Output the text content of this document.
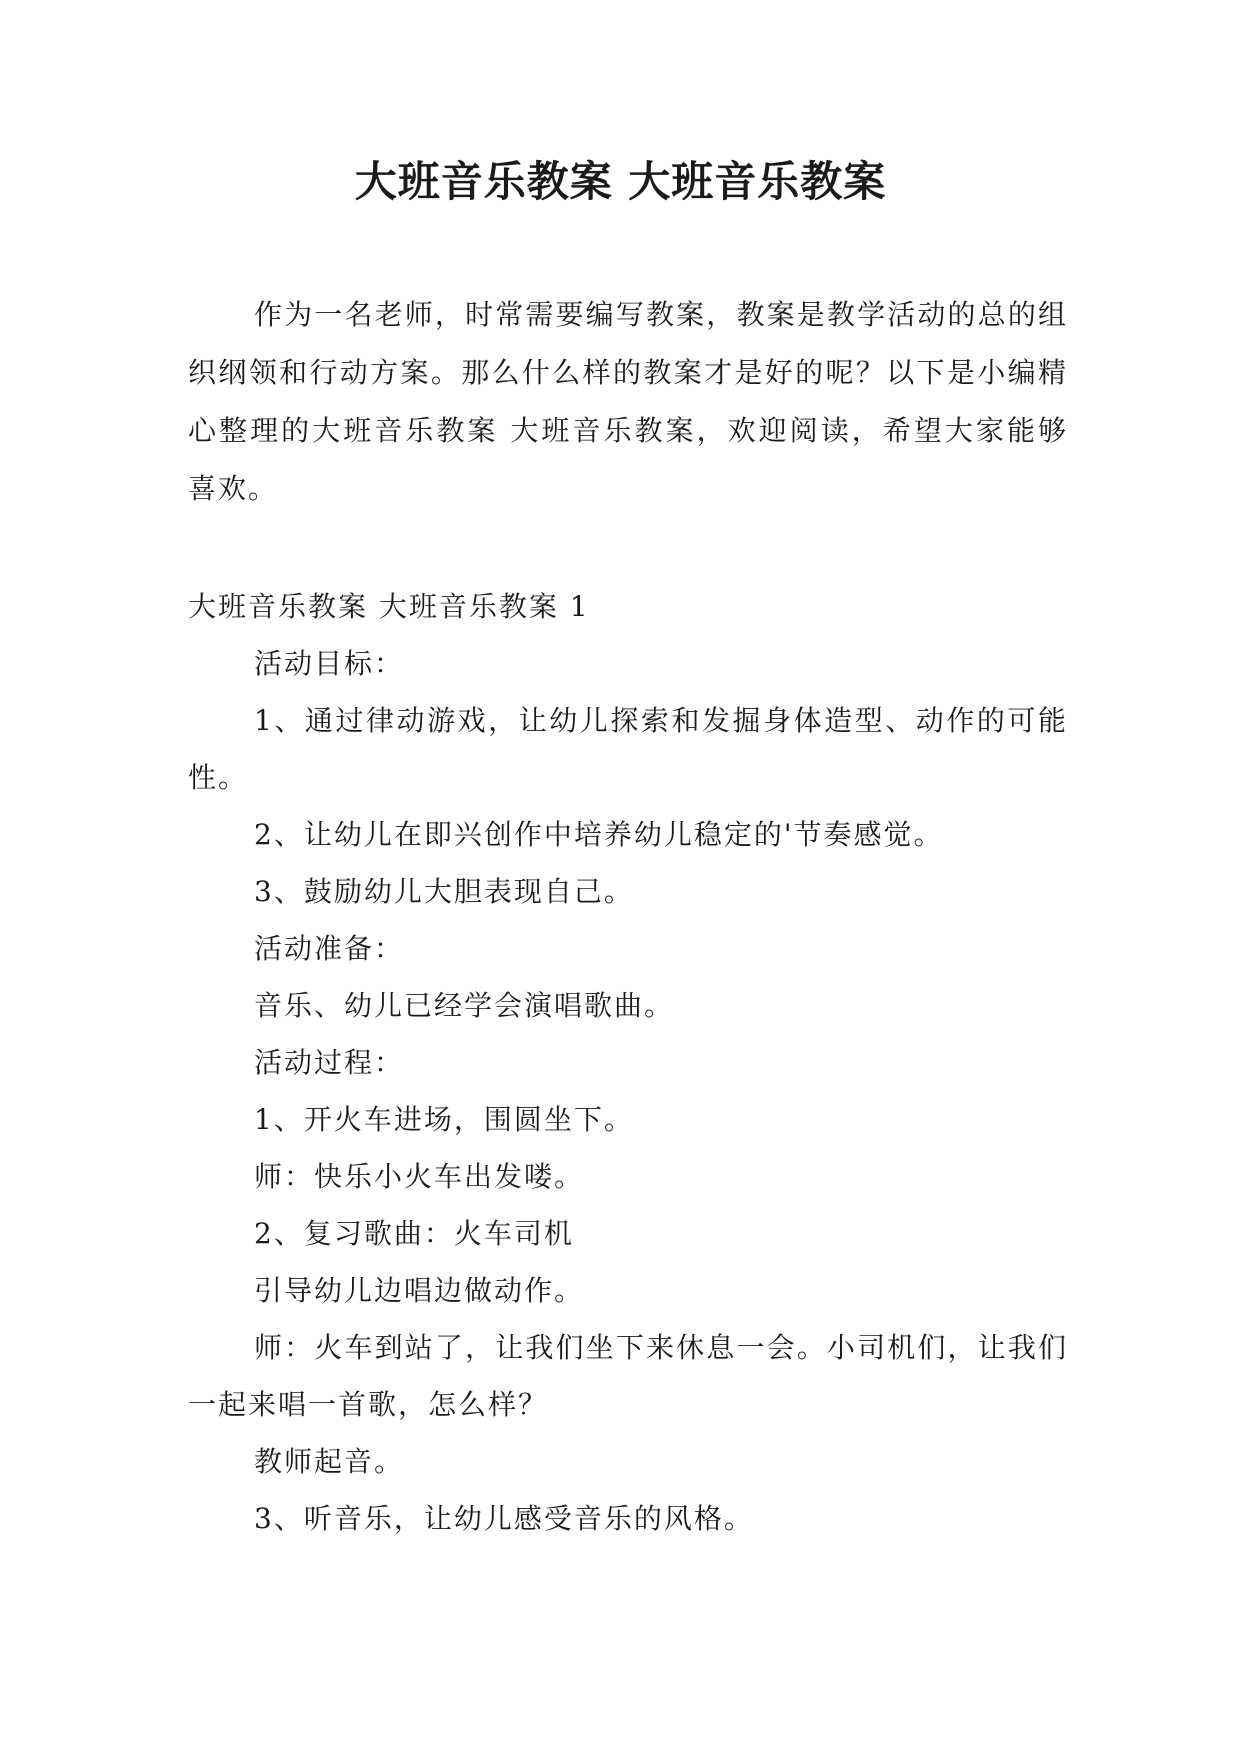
大班音乐教案 大班音乐教案

作为一名老师，时常需要编写教案，教案是教学活动的总的组织纲领和行动方案。那么什么样的教案才是好的呢？以下是小编精心整理的大班音乐教案 大班音乐教案，欢迎阅读，希望大家能够喜欢。

大班音乐教案 大班音乐教案 1

活动目标：

1、通过律动游戏，让幼儿探索和发掘身体造型、动作的可能性。

2、让幼儿在即兴创作中培养幼儿稳定的'节奏感觉。

3、鼓励幼儿大胆表现自己。

活动准备：

音乐、幼儿已经学会演唱歌曲。

活动过程：

1、开火车进场，围圆坐下。

师：快乐小火车出发喽。

2、复习歌曲：火车司机

引导幼儿边唱边做动作。

师：火车到站了，让我们坐下来休息一会。小司机们，让我们一起来唱一首歌，怎么样？

教师起音。

3、听音乐，让幼儿感受音乐的风格。
